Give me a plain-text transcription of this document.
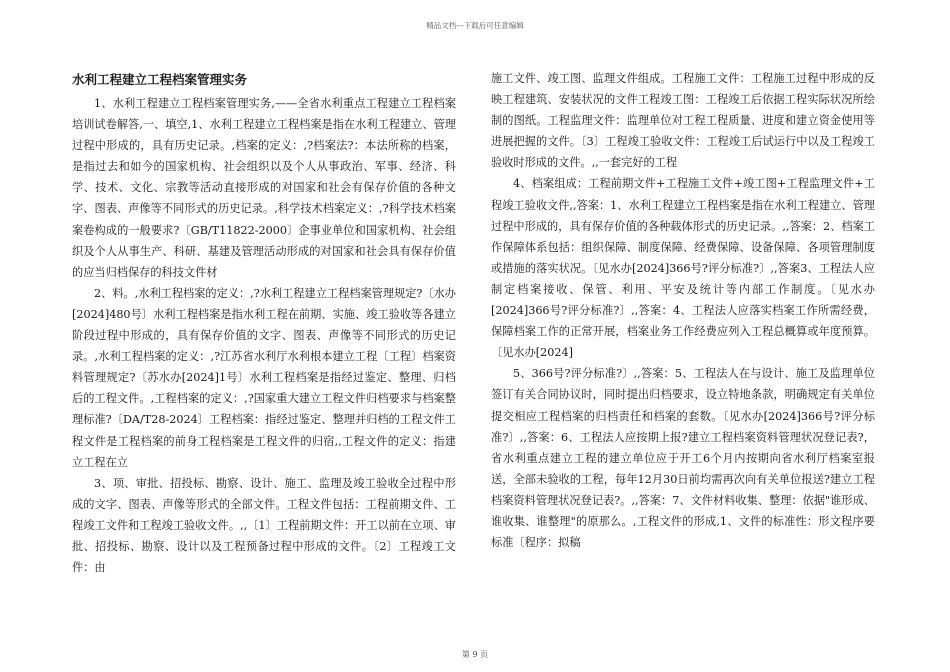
精品文档---下载后可任意编辑
水利工程建立工程档案管理实务

1、水利工程建立工程档案管理实务,——全省水利重点工程建立工程档案培训试卷解答,一、填空,1、水利工程建立工程档案是指在水利工程建立、管理过程中形成的，具有历史记录。,档案的定义：,?档案法?：本法所称的档案，是指过去和如今的国家机构、社会组织以及个人从事政治、军事、经济、科学、技术、文化、宗教等活动直接形成的对国家和社会有保存价值的各种文字、图表、声像等不同形式的历史记录。,科学技术档案定义：,?科学技术档案案卷构成的一般要求?〔GB/T11822-2000〕企事业单位和国家机构、社会组织及个人从事生产、科研、基建及管理活动形成的对国家和社会具有保存价值的应当归档保存的科技文件材

2、料。,水利工程档案的定义：,?水利工程建立工程档案管理规定?〔水办[2024]480号〕水利工程档案是指水利工程在前期、实施、竣工验收等各建立阶段过程中形成的，具有保存价值的文字、图表、声像等不同形式的历史记录。,水利工程档案的定义：,?江苏省水利厅水利根本建立工程〔工程〕档案资料管理规定?〔苏水办[2024]1号〕水利工程档案是指经过鉴定、整理、归档后的工程文件。,工程档案的定义：,?国家重大建立工程文件归档要求与档案整理标准?〔DA/T28-2024〕工程档案：指经过鉴定、整理并归档的工程文件工程文件是工程档案的前身工程档案是工程文件的归宿,,工程文件的定义：指建立工程在立

3、项、审批、招投标、勘察、设计、施工、监理及竣工验收全过程中形成的文字、图表、声像等形式的全部文件。工程文件包括：工程前期文件、工程竣工文件和工程竣工验收文件。,,〔1〕工程前期文件：开工以前在立项、审批、招投标、勘察、设计以及工程预备过程中形成的文件。〔2〕工程竣工文件：由

施工文件、竣工图、监理文件组成。工程施工文件：工程施工过程中形成的反映工程建筑、安装状况的文件工程竣工图：工程竣工后依据工程实际状况所绘制的图纸。工程监理文件：监理单位对工程工程质量、进度和建立资金使用等进展把握的文件。〔3〕工程竣工验收文件：工程竣工后试运行中以及工程竣工验收时形成的文件。,,一套完好的工程

4、档案组成：工程前期文件+工程施工文件+竣工图+工程监理文件+工程竣工验收文件,,答案：1、水利工程建立工程档案是指在水利工程建立、管理过程中形成的，具有保存价值的各种载体形式的历史记录。,,答案：2、档案工作保障体系包括：组织保障、制度保障、经费保障、设备保障、各项管理制度或措施的落实状况。〔见水办[2024]366号?评分标准?〕,,答案3、工程法人应制定档案接收、保管、利用、平安及统计等内部工作制度。〔见水办[2024]366号?评分标准?〕,,答案：4、工程法人应落实档案工作所需经费，保障档案工作的正常开展，档案业务工作经费应列入工程总概算或年度预算。〔见水办[2024]

5、366号?评分标准?〕,,答案：5、工程法人在与设计、施工及监理单位签订有关合同协议时，同时提出归档要求，设立特地条款，明确规定有关单位提交相应工程档案的归档责任和档案的套数。〔见水办[2024]366号?评分标准?〕,,答案：6、工程法人应按期上报?建立工程档案资料管理状况登记表?，省水利重点建立工程的建立单位应于开工6个月内按期向省水利厅档案室报送，全部未验收的工程，每年12月30日前均需再次向有关单位报送?建立工程档案资料管理状况登记表?。,,答案：7、文件材料收集、整理：依据"谁形成、谁收集、谁整理"的原那么。,工程文件的形成,1、文件的标准性：形文程序要标准〔程序：拟稿

第 9 页
